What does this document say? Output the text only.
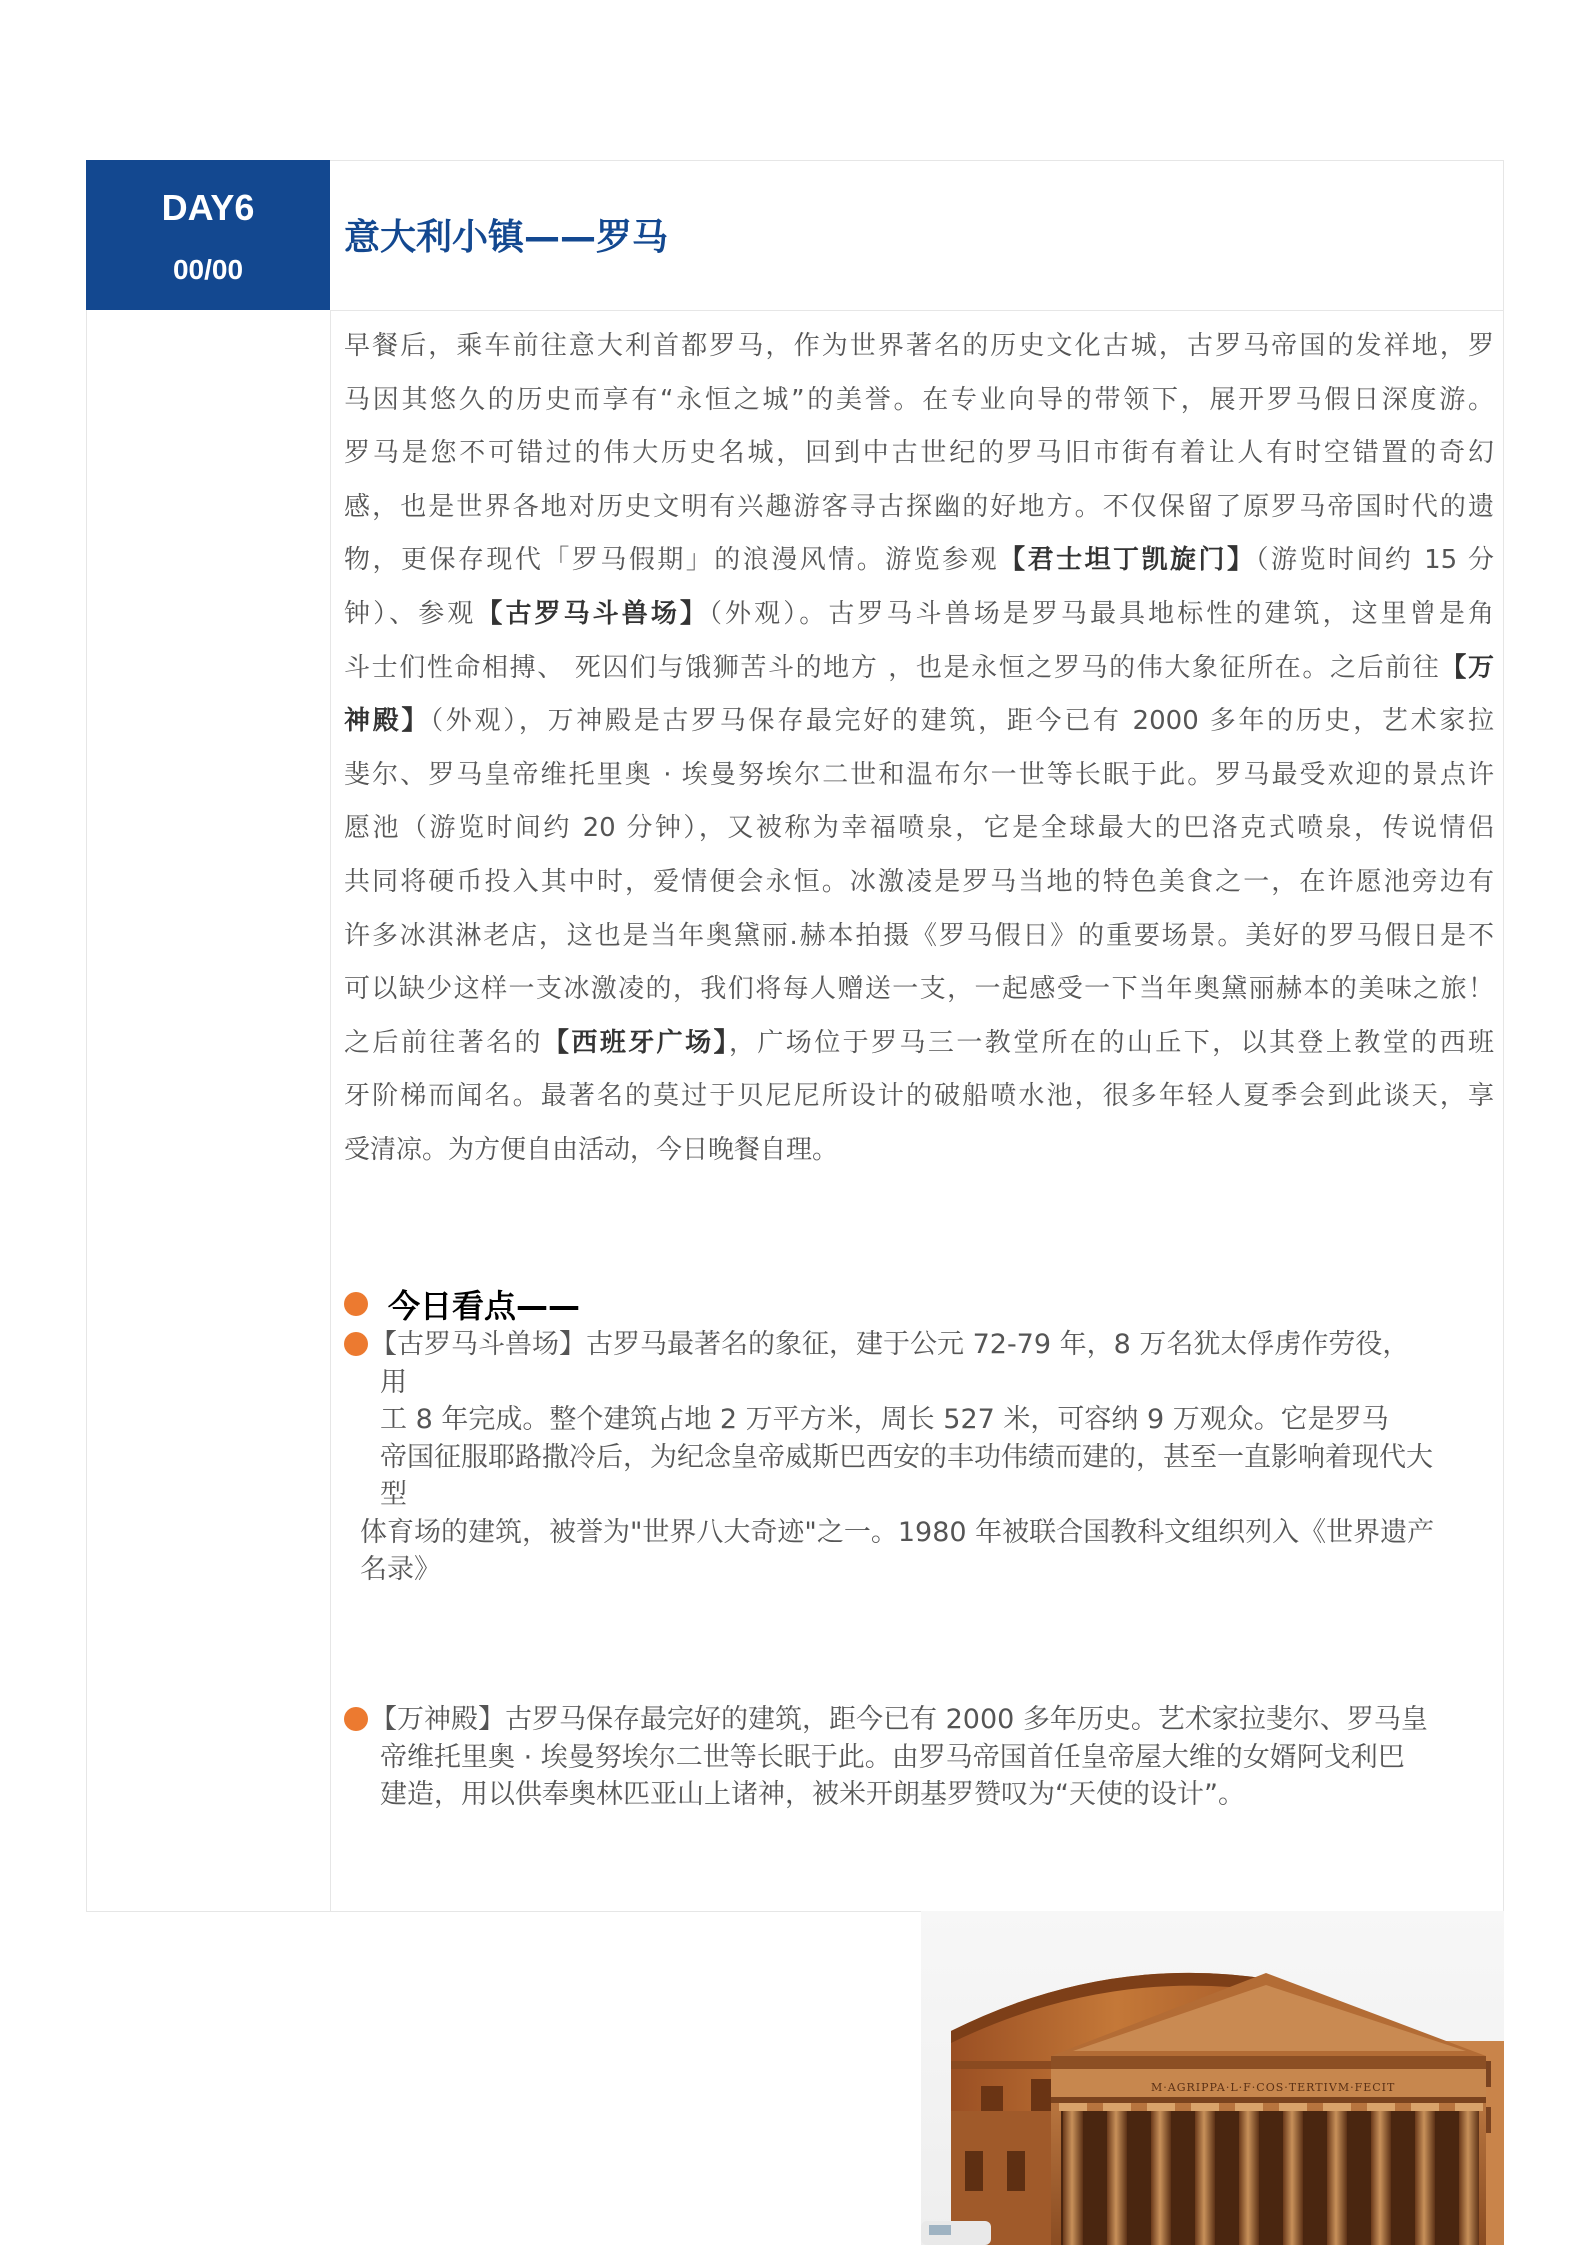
DAY6
00/00
意大利小镇——罗马
早餐后，乘车前往意大利首都罗马，作为世界著名的历史文化古城，古罗马帝国的发祥地，罗
马因其悠久的历史而享有“永恒之城”的美誉。在专业向导的带领下，展开罗马假日深度游。
罗马是您不可错过的伟大历史名城，回到中古世纪的罗马旧市街有着让人有时空错置的奇幻
感，也是世界各地对历史文明有兴趣游客寻古探幽的好地方。不仅保留了原罗马帝国时代的遗
物，更保存现代「罗马假期」的浪漫风情。游览参观【君士坦丁凯旋门】（游览时间约 15 分
钟）、参观【古罗马斗兽场】（外观）。古罗马斗兽场是罗马最具地标性的建筑，这里曾是角
斗士们性命相搏、 死囚们与饿狮苦斗的地方 ，也是永恒之罗马的伟大象征所在。之后前往【万
神殿】（外观），万神殿是古罗马保存最完好的建筑，距今已有 2000 多年的历史，艺术家拉
斐尔、罗马皇帝维托里奥 · 埃曼努埃尔二世和温布尔一世等长眠于此。罗马最受欢迎的景点许
愿池（游览时间约 20 分钟），又被称为幸福喷泉，它是全球最大的巴洛克式喷泉，传说情侣
共同将硬币投入其中时，爱情便会永恒。冰激凌是罗马当地的特色美食之一，在许愿池旁边有
许多冰淇淋老店，这也是当年奥黛丽.赫本拍摄《罗马假日》的重要场景。美好的罗马假日是不
可以缺少这样一支冰激凌的，我们将每人赠送一支，一起感受一下当年奥黛丽赫本的美味之旅！
之后前往著名的【西班牙广场】，广场位于罗马三一教堂所在的山丘下，以其登上教堂的西班
牙阶梯而闻名。最著名的莫过于贝尼尼所设计的破船喷水池，很多年轻人夏季会到此谈天，享
受清凉。为方便自由活动，今日晚餐自理。
今日看点——
【古罗马斗兽场】古罗马最著名的象征，建于公元 72-79 年，8 万名犹太俘虏作劳役，
用
工 8 年完成。整个建筑占地 2 万平方米，周长 527 米，可容纳 9 万观众。它是罗马
帝国征服耶路撒冷后，为纪念皇帝威斯巴西安的丰功伟绩而建的，甚至一直影响着现代大
型
体育场的建筑，被誉为"世界八大奇迹"之一。1980 年被联合国教科文组织列入《世界遗产
名录》
【万神殿】古罗马保存最完好的建筑，距今已有 2000 多年历史。艺术家拉斐尔、罗马皇
帝维托里奥 · 埃曼努埃尔二世等长眠于此。由罗马帝国首任皇帝屋大维的女婿阿戈利巴
建造，用以供奉奥林匹亚山上诸神，被米开朗基罗赞叹为“天使的设计”。
M·AGRIPPA·L·F·COS·TERTIVM·FECIT
